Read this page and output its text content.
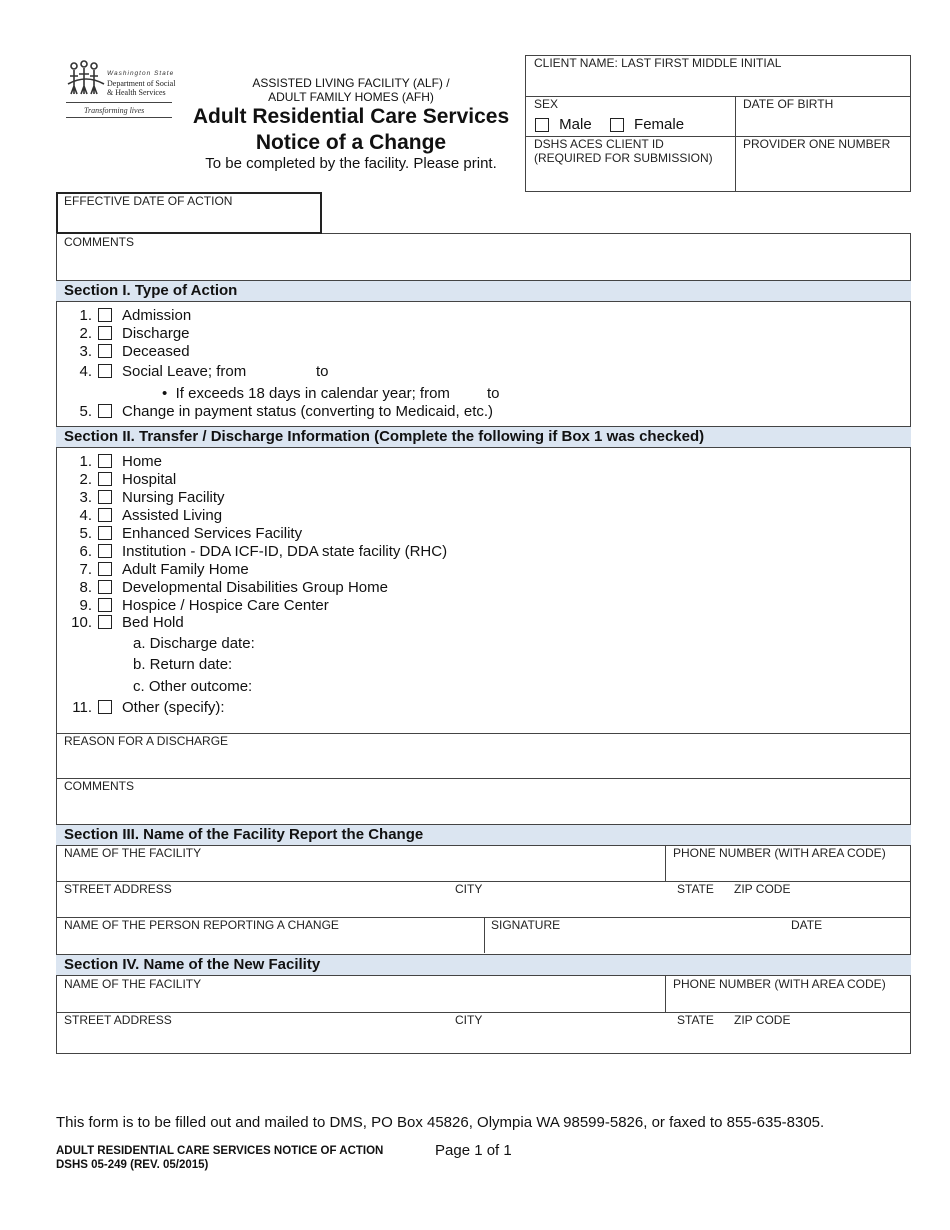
Washington State
Department of Social
& Health Services
Transforming lives
ASSISTED LIVING FACILITY (ALF) /
ADULT FAMILY HOMES (AFH)
Adult Residential Care Services
Notice of a Change
To be completed by the facility. Please print.
CLIENT NAME: LAST FIRST MIDDLE INITIAL
SEX
Male	Female
DATE OF BIRTH
DSHS ACES CLIENT ID
(REQUIRED FOR SUBMISSION)
PROVIDER ONE NUMBER
EFFECTIVE DATE OF ACTION
COMMENTS
Section I. Type of Action
1. Admission
2. Discharge
3. Deceased
4. Social Leave; from	to
• If exceeds 18 days in calendar year; from to
5. Change in payment status (converting to Medicaid, etc.)
Section II. Transfer / Discharge Information (Complete the following if Box 1 was checked)
1. Home
2. Hospital
3. Nursing Facility
4. Assisted Living
5. Enhanced Services Facility
6. Institution - DDA ICF-ID, DDA state facility (RHC)
7. Adult Family Home
8. Developmental Disabilities Group Home
9. Hospice / Hospice Care Center
10. Bed Hold
a. Discharge date:
b. Return date:
c. Other outcome:
11. Other (specify):
REASON FOR A DISCHARGE
COMMENTS
Section III. Name of the Facility Report the Change
NAME OF THE FACILITY	PHONE NUMBER (WITH AREA CODE)
STREET ADDRESS	CITY	STATE ZIP CODE
NAME OF THE PERSON REPORTING A CHANGE	SIGNATURE	DATE
Section IV. Name of the New Facility
NAME OF THE FACILITY	PHONE NUMBER (WITH AREA CODE)
STREET ADDRESS	CITY	STATE ZIP CODE
This form is to be filled out and mailed to DMS, PO Box 45826, Olympia WA 98599-5826, or faxed to 855-635-8305.
ADULT RESIDENTIAL CARE SERVICES NOTICE OF ACTION
DSHS 05-249 (REV. 05/2015)
Page 1 of 1
